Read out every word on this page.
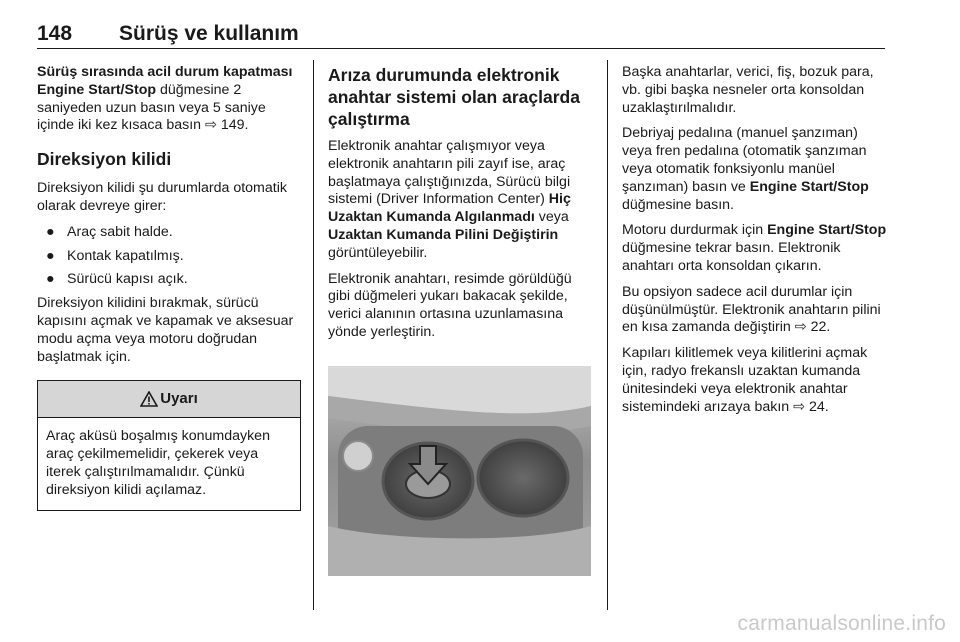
148 Sürüş ve kullanım

Sürüş sırasında acil durum kapatması

Engine Start/Stop düğmesine 2 saniyeden uzun basın veya 5 saniye içinde iki kez kısaca basın ⇨ 149.

Direksiyon kilidi

Direksiyon kilidi şu durumlarda otomatik olarak devreye girer:

● Araç sabit halde.
● Kontak kapatılmış.
● Sürücü kapısı açık.

Direksiyon kilidini bırakmak, sürücü kapısını açmak ve kapamak ve aksesuar modu açma veya motoru doğrudan başlatmak için.

Uyarı
Araç aküsü boşalmış konumdayken araç çekilmemelidir, çekerek veya iterek çalıştırılmamalıdır. Çünkü direksiyon kilidi açılamaz.
Arıza durumunda elektronik anahtar sistemi olan araçlarda çalıştırma

Elektronik anahtar çalışmıyor veya elektronik anahtarın pili zayıf ise, araç başlatmaya çalıştığınızda, Sürücü bilgi sistemi (Driver Information Center) Hiç Uzaktan Kumanda Algılanmadı veya Uzaktan Kumanda Pilini Değiştirin görüntüleyebilir.

Elektronik anahtarı, resimde görüldüğü gibi düğmeleri yukarı bakacak şekilde, verici alanının ortasına uzunlamasına yönde yerleştirin.

Başka anahtarlar, verici, fiş, bozuk para, vb. gibi başka nesneler orta konsoldan uzaklaştırılmalıdır.

Debriyaj pedalına (manuel şanzıman) veya fren pedalına (otomatik şanzıman veya otomatik fonksiyonlu manüel şanzıman) basın ve Engine Start/Stop düğmesine basın.

Motoru durdurmak için Engine Start/Stop düğmesine tekrar basın. Elektronik anahtarı orta konsoldan çıkarın.

Bu opsiyon sadece acil durumlar için düşünülmüştür. Elektronik anahtarın pilini en kısa zamanda değiştirin ⇨ 22.

Kapıları kilitlemek veya kilitlerini açmak için, radyo frekanslı uzaktan kumanda ünitesindeki veya elektronik anahtar sistemindeki arızaya bakın ⇨ 24.

carmanualsonline.info
